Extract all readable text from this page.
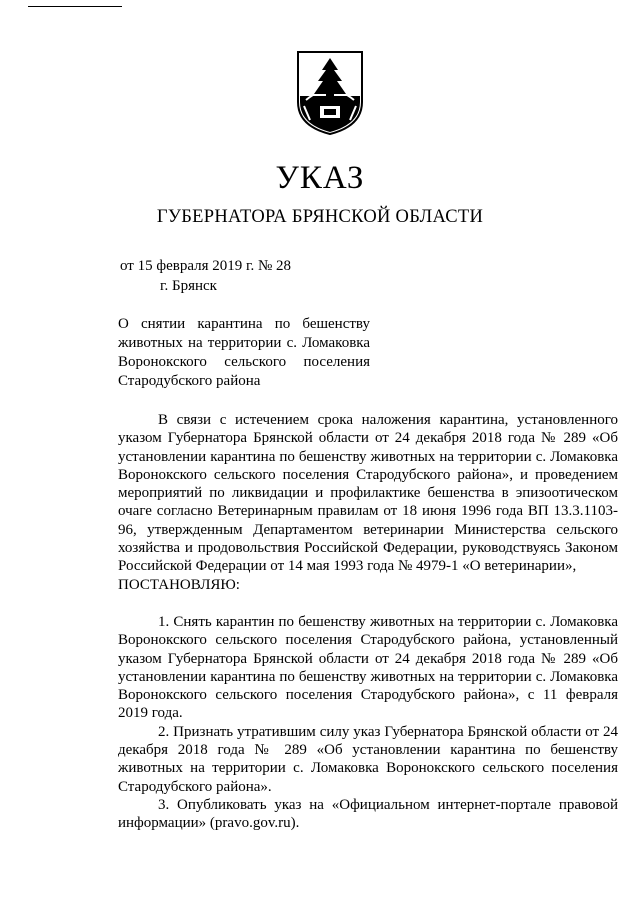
УКАЗ
ГУБЕРНАТОРА БРЯНСКОЙ ОБЛАСТИ
от 15 февраля 2019 г. № 28
г. Брянск
О снятии карантина по бешенству
животных на территории с. Ломаковка
Воронокского сельского поселения
Стародубского района

В связи с истечением срока наложения карантина, установленного указом Губернатора Брянской области от 24 декабря 2018 года № 289 «Об установлении карантина по бешенству животных на территории с. Ломаковка Воронокского сельского поселения Стародубского района», и проведением мероприятий по ликвидации и профилактике бешенства в эпизоотическом очаге согласно Ветеринарным правилам от 18 июня 1996 года ВП 13.3.1103-96, утвержденным Департаментом ветеринарии Министерства сельского хозяйства и продовольствия Российской Федерации, руководствуясь Законом Российской Федерации от 14 мая 1993 года № 4979-1 «О ветеринарии»,

ПОСТАНОВЛЯЮ:

1. Снять карантин по бешенству животных на территории с. Ломаковка Воронокского сельского поселения Стародубского района, установленный указом Губернатора Брянской области от 24 декабря 2018 года № 289 «Об установлении карантина по бешенству животных на территории с. Ломаковка Воронокского сельского поселения Стародубского района», с 11 февраля 2019 года.

2. Признать утратившим силу указ Губернатора Брянской области от 24 декабря 2018 года № 289 «Об установлении карантина по бешенству животных на территории с. Ломаковка Воронокского сельского поселения Стародубского района».

3. Опубликовать указ на «Официальном интернет-портале правовой информации» (pravo.gov.ru).
